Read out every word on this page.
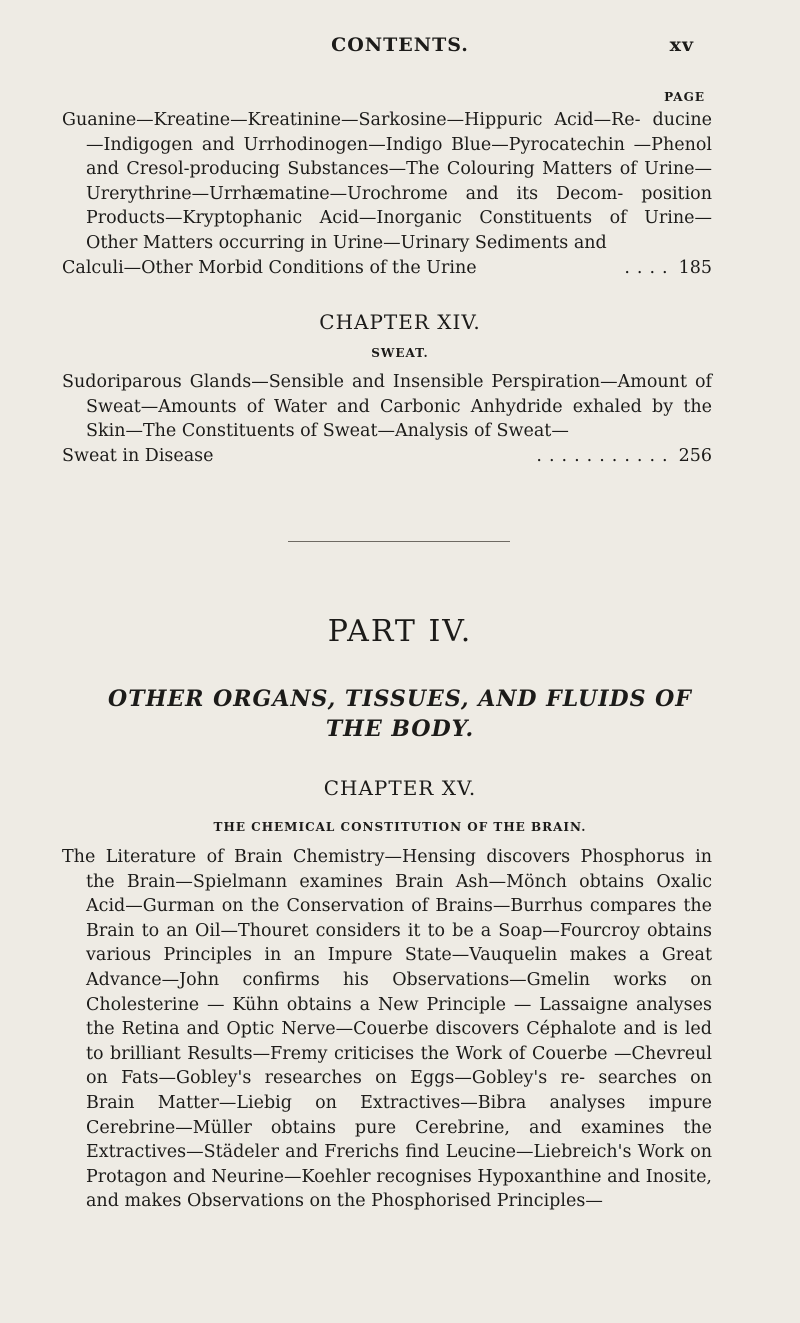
CONTENTS.	xv
PAGE

Guanine—Kreatine—Kreatinine—Sarkosine—Hippuric Acid—Re- ducine—Indigogen and Urrhodinogen—Indigo Blue—Pyrocatechin —Phenol and Cresol-producing Substances—The Colouring Matters of Urine—Urerythrine—Urrhæmatine—Urochrome and its Decom- position Products—Kryptophanic Acid—Inorganic Constituents of Urine—Other Matters occurring in Urine—Urinary Sediments and

Calculi—Other Morbid Conditions of the Urine	.... 185
CHAPTER XIV.
SWEAT.

Sudoriparous Glands—Sensible and Insensible Perspiration—Amount of Sweat—Amounts of Water and Carbonic Anhydride exhaled by the Skin—The Constituents of Sweat—Analysis of Sweat—

Sweat in Disease	........... 256
PART IV.
OTHER ORGANS, TISSUES, AND FLUIDS OF
THE BODY.
CHAPTER XV.
THE CHEMICAL CONSTITUTION OF THE BRAIN.

The Literature of Brain Chemistry—Hensing discovers Phosphorus in the Brain—Spielmann examines Brain Ash—Mönch obtains Oxalic Acid—Gurman on the Conservation of Brains—Burrhus compares the Brain to an Oil—Thouret considers it to be a Soap—Fourcroy obtains various Principles in an Impure State—Vauquelin makes a Great Advance—John confirms his Observations—Gmelin works on Cholesterine — Kühn obtains a New Principle — Lassaigne analyses the Retina and Optic Nerve—Couerbe discovers Céphalote and is led to brilliant Results—Fremy criticises the Work of Couerbe —Chevreul on Fats—Gobley's researches on Eggs—Gobley's re- searches on Brain Matter—Liebig on Extractives—Bibra analyses impure Cerebrine—Müller obtains pure Cerebrine, and examines the Extractives—Städeler and Frerichs find Leucine—Liebreich's Work on Protagon and Neurine—Koehler recognises Hypoxanthine and Inosite, and makes Observations on the Phosphorised Principles—
